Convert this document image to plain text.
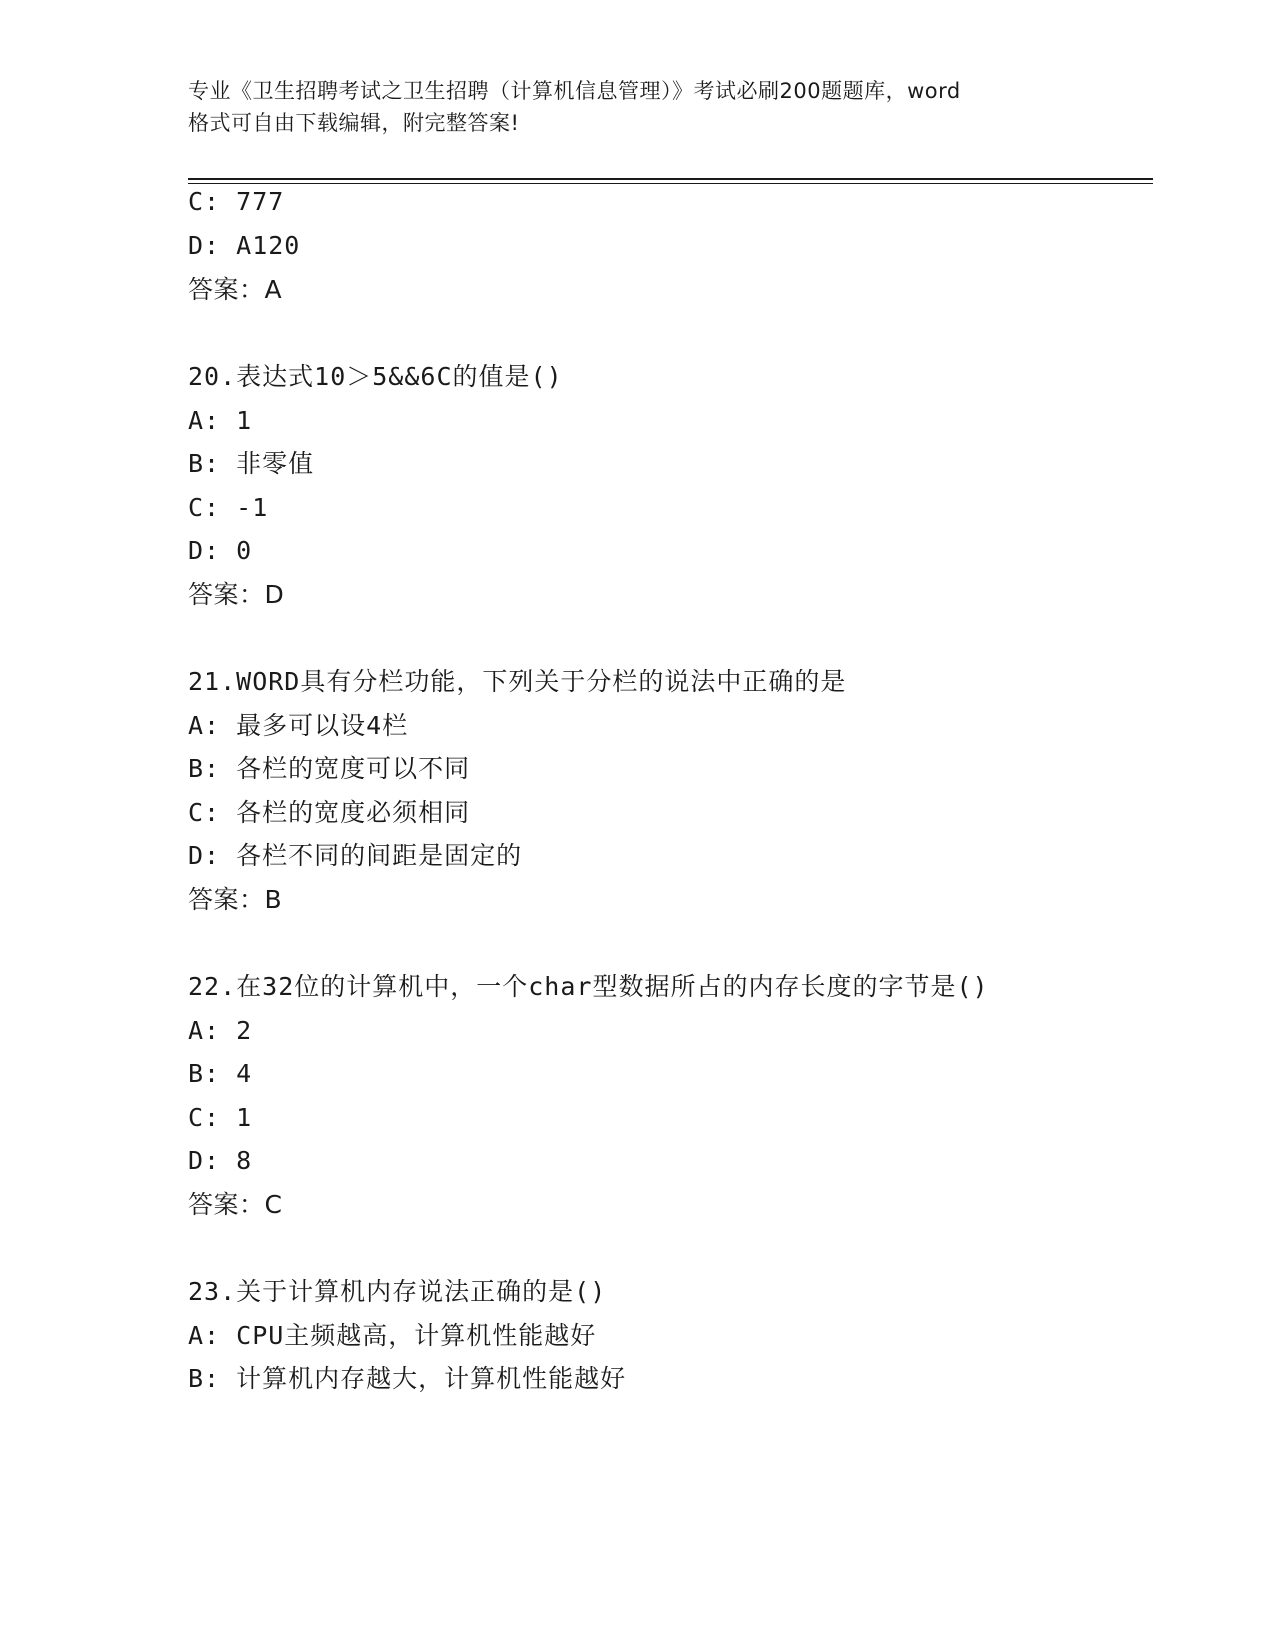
专业《卫生招聘考试之卫生招聘（计算机信息管理）》考试必刷200题题库，word
格式可自由下载编辑，附完整答案!
C: 777
D: A120
答案：A
20.表达式10＞5&&6C的值是()
A: 1
B: 非零值
C: -1
D: 0
答案：D
21.WORD具有分栏功能，下列关于分栏的说法中正确的是
A: 最多可以设4栏
B: 各栏的宽度可以不同
C: 各栏的宽度必须相同
D: 各栏不同的间距是固定的
答案：B
22.在32位的计算机中，一个char型数据所占的内存长度的字节是()
A: 2
B: 4
C: 1
D: 8
答案：C
23.关于计算机内存说法正确的是()
A: CPU主频越高，计算机性能越好
B: 计算机内存越大，计算机性能越好
